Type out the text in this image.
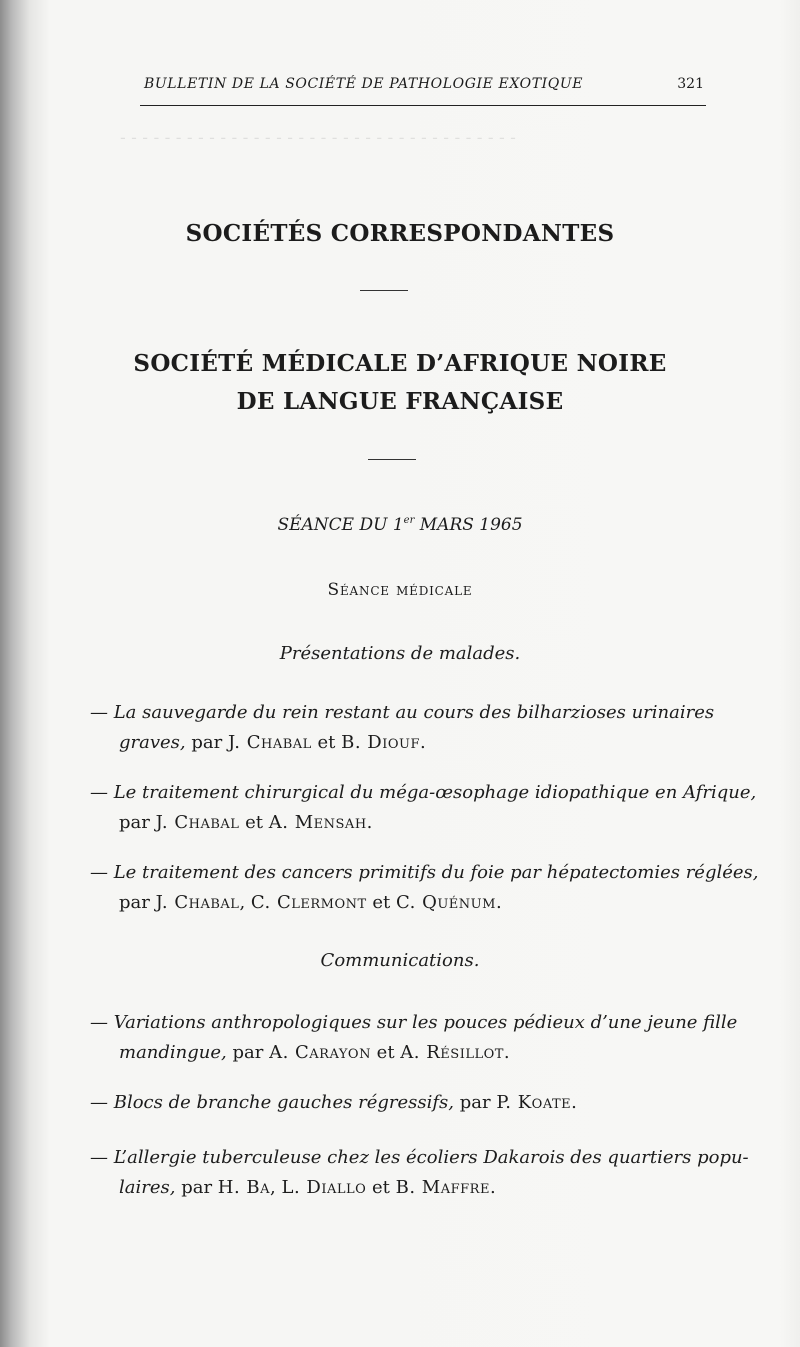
- - - - - - - - - - - - - - - - - - - - - - - - - - - - - - - - - - - -
BULLETIN DE LA SOCIÉTÉ DE PATHOLOGIE EXOTIQUE	321
SOCIÉTÉS CORRESPONDANTES
SOCIÉTÉ MÉDICALE D’AFRIQUE NOIRE
DE LANGUE FRANÇAISE
SÉANCE DU 1er MARS 1965
Séance médicale
Présentations de malades.
— La sauvegarde du rein restant au cours des bilharzioses urinaires
graves, par J. Chabal et B. Diouf.
— Le traitement chirurgical du méga-œsophage idiopathique en Afrique,
par J. Chabal et A. Mensah.
— Le traitement des cancers primitifs du foie par hépatectomies réglées,
par J. Chabal, C. Clermont et C. Quénum.
Communications.
— Variations anthropologiques sur les pouces pédieux d’une jeune fille
mandingue, par A. Carayon et A. Résillot.
— Blocs de branche gauches régressifs, par P. Koate.
— L’allergie tuberculeuse chez les écoliers Dakarois des quartiers popu-
laires, par H. Ba, L. Diallo et B. Maffre.
